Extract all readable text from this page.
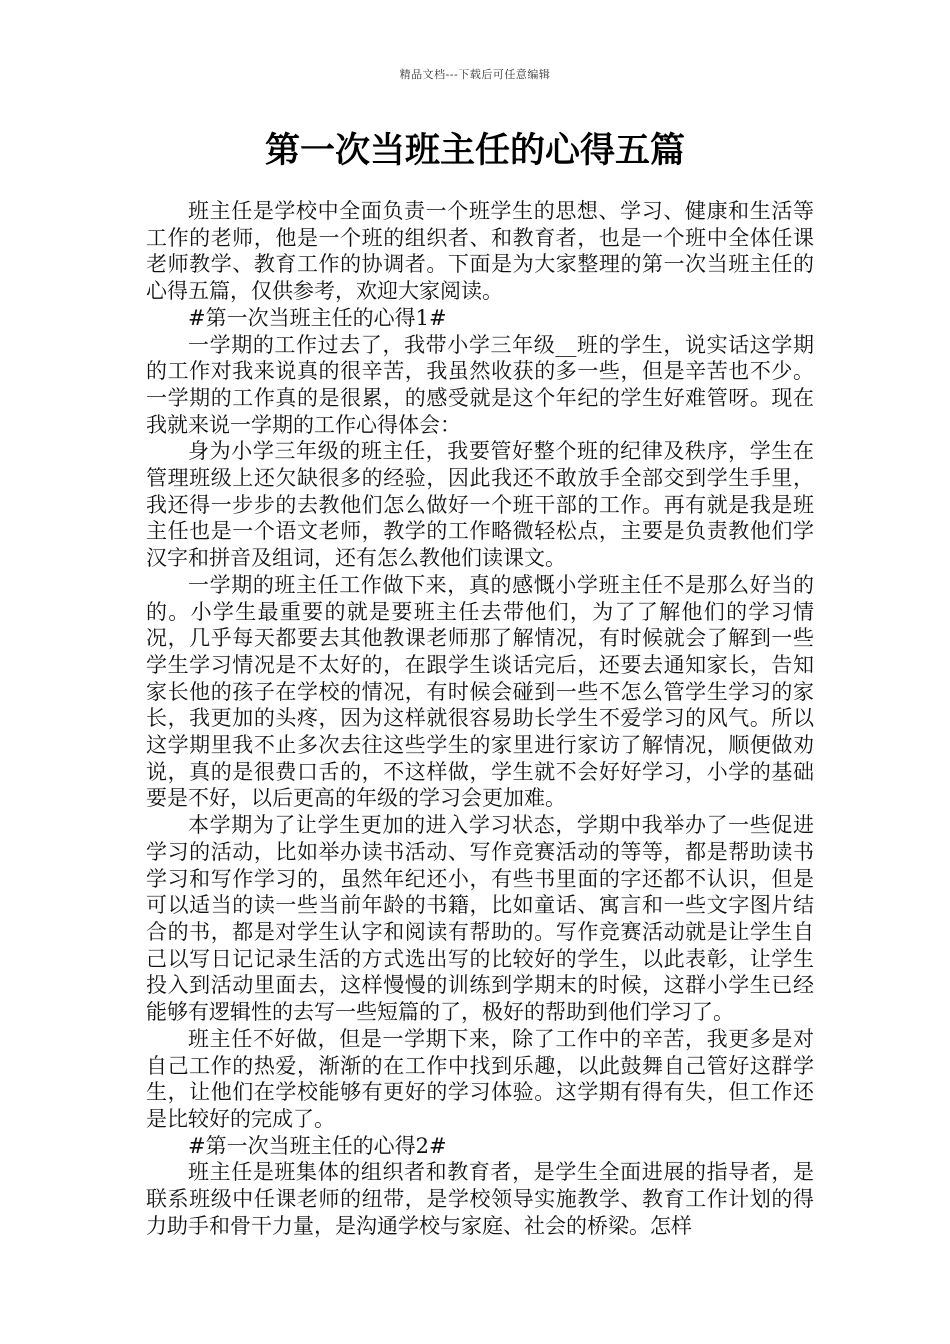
精品文档---下载后可任意编辑
第一次当班主任的心得五篇

班主任是学校中全面负责一个班学生的思想、学习、健康和生活等工作的老师，他是一个班的组织者、和教育者，也是一个班中全体任课老师教学、教育工作的协调者。下面是为大家整理的第一次当班主任的心得五篇，仅供参考，欢迎大家阅读。

#第一次当班主任的心得1#

一学期的工作过去了，我带小学三年级__班的学生，说实话这学期的工作对我来说真的很辛苦，我虽然收获的多一些，但是辛苦也不少。一学期的工作真的是很累，的感受就是这个年纪的学生好难管呀。现在我就来说一学期的工作心得体会：

身为小学三年级的班主任，我要管好整个班的纪律及秩序，学生在管理班级上还欠缺很多的经验，因此我还不敢放手全部交到学生手里，我还得一步步的去教他们怎么做好一个班干部的工作。再有就是我是班主任也是一个语文老师，教学的工作略微轻松点，主要是负责教他们学汉字和拼音及组词，还有怎么教他们读课文。

一学期的班主任工作做下来，真的感慨小学班主任不是那么好当的的。小学生最重要的就是要班主任去带他们，为了了解他们的学习情况，几乎每天都要去其他教课老师那了解情况，有时候就会了解到一些学生学习情况是不太好的，在跟学生谈话完后，还要去通知家长，告知家长他的孩子在学校的情况，有时候会碰到一些不怎么管学生学习的家长，我更加的头疼，因为这样就很容易助长学生不爱学习的风气。所以这学期里我不止多次去往这些学生的家里进行家访了解情况，顺便做劝说，真的是很费口舌的，不这样做，学生就不会好好学习，小学的基础要是不好，以后更高的年级的学习会更加难。

本学期为了让学生更加的进入学习状态，学期中我举办了一些促进学习的活动，比如举办读书活动、写作竞赛活动的等等，都是帮助读书学习和写作学习的，虽然年纪还小，有些书里面的字还都不认识，但是可以适当的读一些当前年龄的书籍，比如童话、寓言和一些文字图片结合的书，都是对学生认字和阅读有帮助的。写作竞赛活动就是让学生自己以写日记记录生活的方式选出写的比较好的学生，以此表彰，让学生投入到活动里面去，这样慢慢的训练到学期末的时候，这群小学生已经能够有逻辑性的去写一些短篇的了，极好的帮助到他们学习了。

班主任不好做，但是一学期下来，除了工作中的辛苦，我更多是对自己工作的热爱，渐渐的在工作中找到乐趣，以此鼓舞自己管好这群学生，让他们在学校能够有更好的学习体验。这学期有得有失，但工作还是比较好的完成了。

#第一次当班主任的心得2#

班主任是班集体的组织者和教育者，是学生全面进展的指导者，是联系班级中任课老师的纽带，是学校领导实施教学、教育工作计划的得力助手和骨干力量，是沟通学校与家庭、社会的桥梁。怎样
